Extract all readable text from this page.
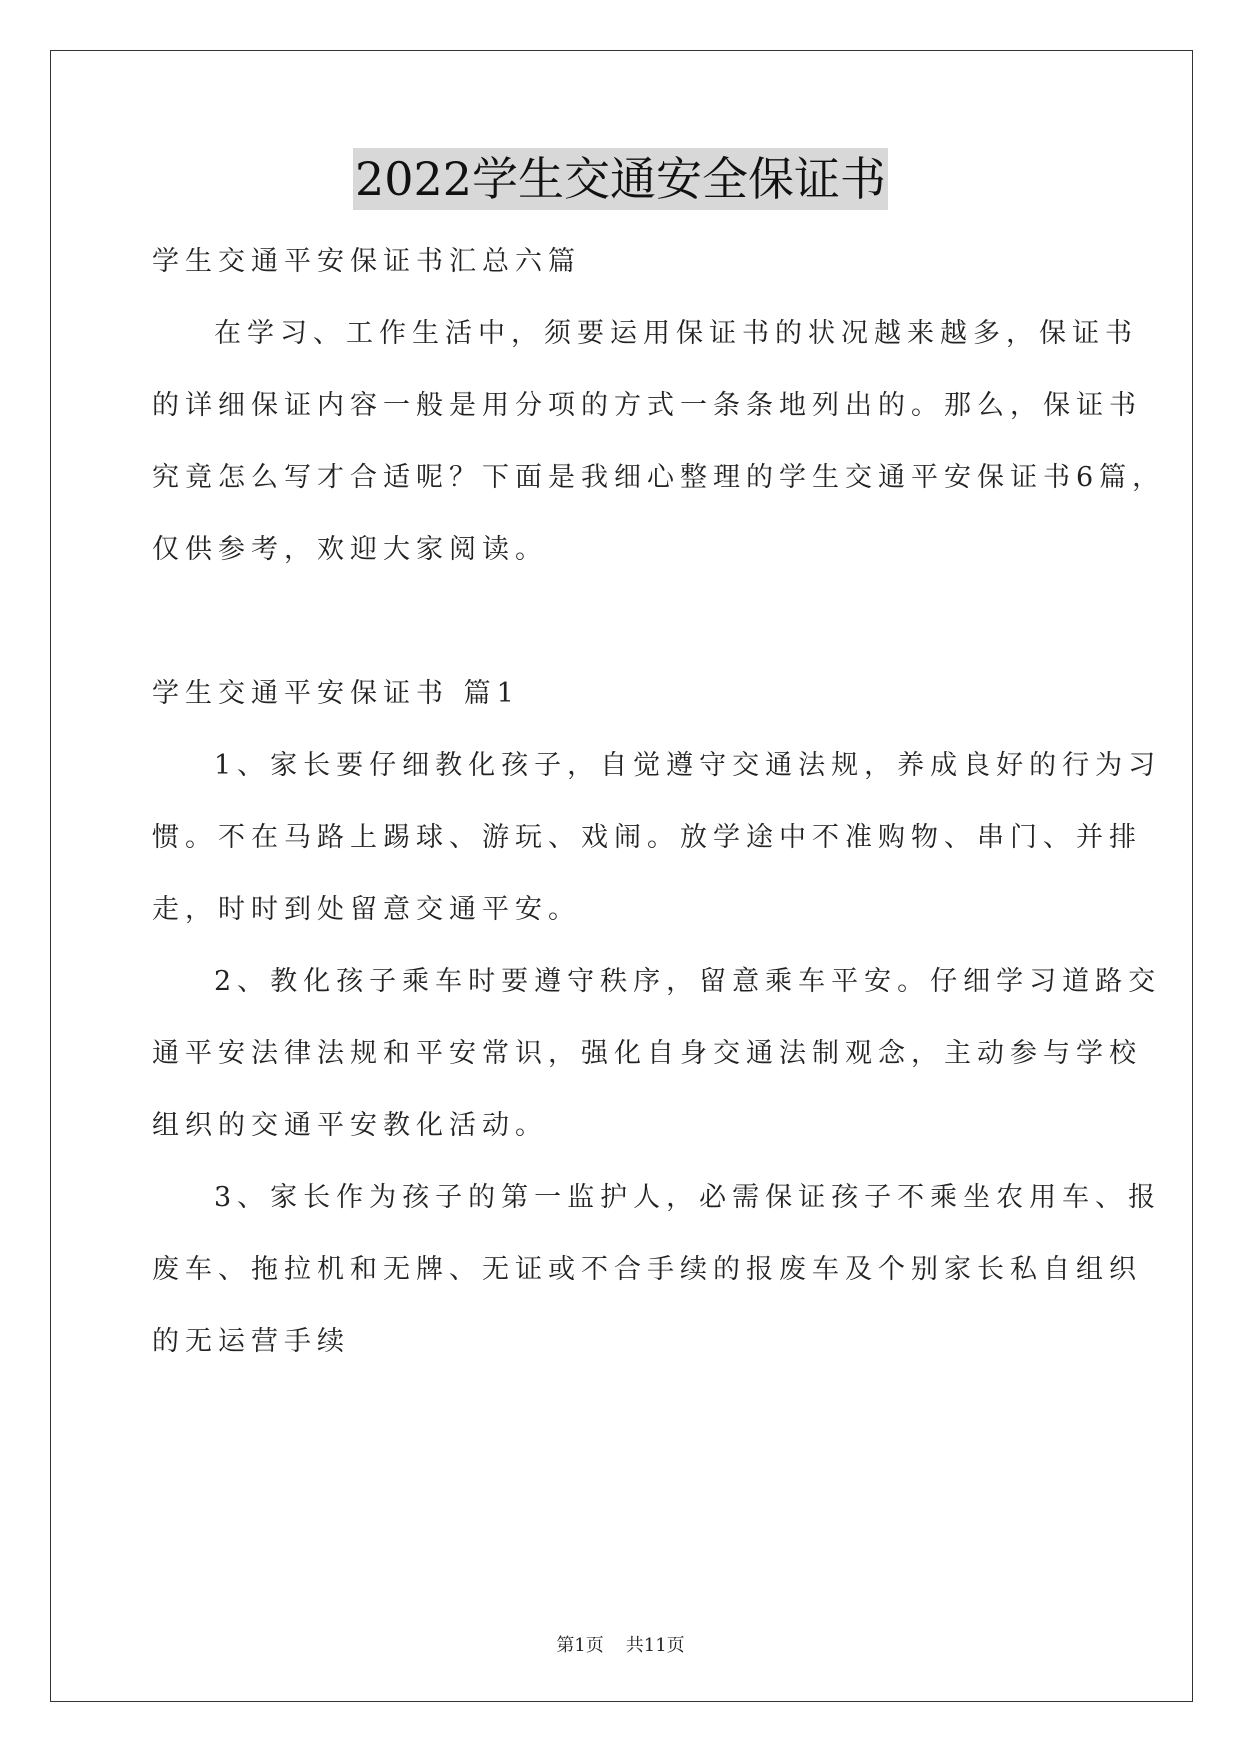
2022学生交通安全保证书
学生交通平安保证书汇总六篇
在学习、工作生活中，须要运用保证书的状况越来越多，保证书
的详细保证内容一般是用分项的方式一条条地列出的。那么，保证书
究竟怎么写才合适呢？下面是我细心整理的学生交通平安保证书6篇，
仅供参考，欢迎大家阅读。
学生交通平安保证书 篇1
1、家长要仔细教化孩子，自觉遵守交通法规，养成良好的行为习
惯。不在马路上踢球、游玩、戏闹。放学途中不准购物、串门、并排
走，时时到处留意交通平安。
2、教化孩子乘车时要遵守秩序，留意乘车平安。仔细学习道路交
通平安法律法规和平安常识，强化自身交通法制观念，主动参与学校
组织的交通平安教化活动。
3、家长作为孩子的第一监护人，必需保证孩子不乘坐农用车、报
废车、拖拉机和无牌、无证或不合手续的报废车及个别家长私自组织
的无运营手续
第1页 共11页
